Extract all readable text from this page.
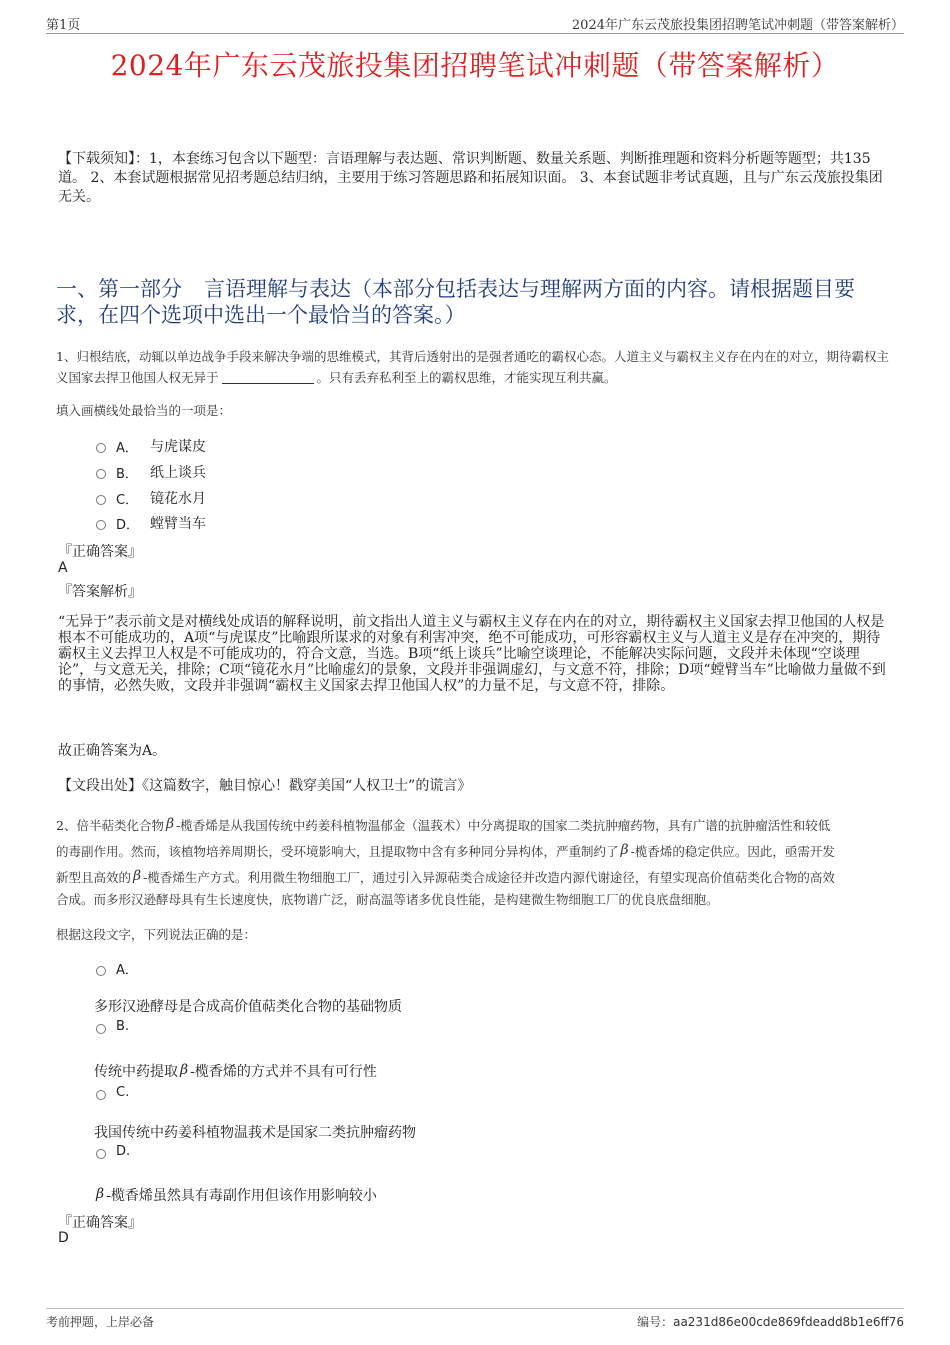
第1页	2024年广东云茂旅投集团招聘笔试冲刺题（带答案解析）
2024年广东云茂旅投集团招聘笔试冲刺题（带答案解析）
【下载须知】：1，本套练习包含以下题型：言语理解与表达题、常识判断题、数量关系题、判断推理题和资料分析题等题型；共135道。 2、本套试题根据常见招考题总结归纳，主要用于练习答题思路和拓展知识面。 3、本套试题非考试真题，且与广东云茂旅投集团无关。
一、第一部分 言语理解与表达（本部分包括表达与理解两方面的内容。请根据题目要求，在四个选项中选出一个最恰当的答案。）
1、归根结底，动辄以单边战争手段来解决争端的思维模式，其背后透射出的是强者通吃的霸权心态。人道主义与霸权主义存在内在的对立，期待霸权主义国家去捍卫他国人权无异于	。只有丢弃私利至上的霸权思维，才能实现互利共赢。
填入画横线处最恰当的一项是：
A． 与虎谋皮
B． 纸上谈兵
C． 镜花水月
D． 螳臂当车
『正确答案』
A
『答案解析』
“无异于”表示前文是对横线处成语的解释说明，前文指出人道主义与霸权主义存在内在的对立，期待霸权主义国家去捍卫他国的人权是根本不可能成功的，A项“与虎谋皮”比喻跟所谋求的对象有利害冲突，绝不可能成功，可形容霸权主义与人道主义是存在冲突的，期待霸权主义去捍卫人权是不可能成功的，符合文意，当选。B项“纸上谈兵”比喻空谈理论，不能解决实际问题，文段并未体现“空谈理论”，与文意无关，排除；C项“镜花水月”比喻虚幻的景象，文段并非强调虚幻，与文意不符，排除；D项“螳臂当车”比喻做力量做不到的事情，必然失败，文段并非强调“霸权主义国家去捍卫他国人权”的力量不足，与文意不符，排除。
故正确答案为A。
【文段出处】《这篇数字，触目惊心！戳穿美国“人权卫士”的谎言》
2、倍半萜类化合物 β -榄香烯是从我国传统中药姜科植物温郁金（温莪术）中分离提取的国家二类抗肿瘤药物，具有广谱的抗肿瘤活性和较低
的毒副作用。然而，该植物培养周期长，受环境影响大，且提取物中含有多种同分异构体，严重制约了 β -榄香烯的稳定供应。因此，亟需开发
新型且高效的 β -榄香烯生产方式。利用微生物细胞工厂，通过引入异源萜类合成途径并改造内源代谢途径，有望实现高价值萜类化合物的高效
合成。而多形汉逊酵母具有生长速度快，底物谱广泛，耐高温等诸多优良性能，是构建微生物细胞工厂的优良底盘细胞。
根据这段文字，下列说法正确的是：
A．
多形汉逊酵母是合成高价值萜类化合物的基础物质
B.
传统中药提取 β -榄香烯的方式并不具有可行性
C.
我国传统中药姜科植物温莪术是国家二类抗肿瘤药物
D.
β -榄香烯虽然具有毒副作用但该作用影响较小
『正确答案』
D
考前押题，上岸必备	编号：aa231d86e00cde869fdeadd8b1e6ff76
